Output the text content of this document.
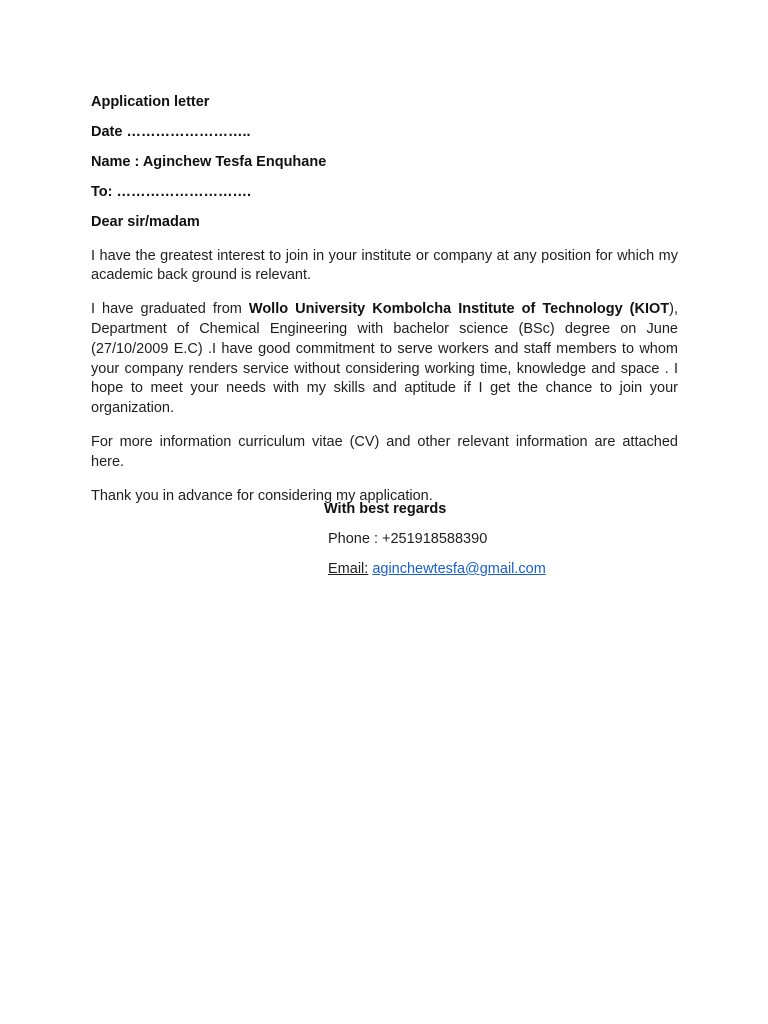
Application letter

Date ……………………..

Name : Aginchew Tesfa Enquhane

To: ……………………….

Dear sir/madam

I have the greatest interest to join in your institute or company at any position for which my academic back ground is relevant.

I have graduated from Wollo University Kombolcha Institute of Technology (KIOT), Department of Chemical Engineering with bachelor science (BSc) degree on June (27/10/2009 E.C) .I have good commitment to serve workers and staff members to whom your company renders service without considering working time, knowledge and space . I hope to meet your needs with my skills and aptitude if I get the chance to join your organization.

For more information curriculum vitae (CV) and other relevant information are attached here.

Thank you in advance for considering my application.

With best regards
Phone : +251918588390
Email: aginchewtesfa@gmail.com
